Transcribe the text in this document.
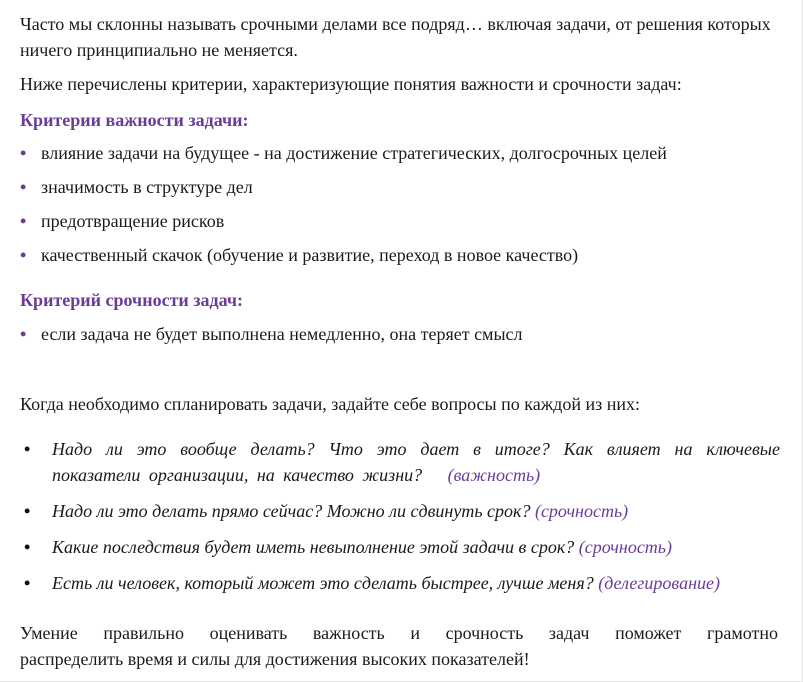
Часто мы склонны называть срочными делами все подряд… включая задачи, от решения которых ничего принципиально не меняется.

Ниже перечислены критерии, характеризующие понятия важности и срочности задач:

Критерии важности задачи:

• влияние задачи на будущее - на достижение стратегических, долгосрочных целей
• значимость в структуре дел
• предотвращение рисков
• качественный скачок (обучение и развитие, переход в новое качество)

Критерий срочности задач:

• если задача не будет выполнена немедленно, она теряет смысл

Когда необходимо спланировать задачи, задайте себе вопросы по каждой из них:

• Надо ли это вообще делать? Что это дает в итоге? Как влияет на ключевые показатели организации, на качество жизни? (важность)
• Надо ли это делать прямо сейчас? Можно ли сдвинуть срок? (срочность)
• Какие последствия будет иметь невыполнение этой задачи в срок? (срочность)
• Есть ли человек, который может это сделать быстрее, лучше меня? (делегирование)

Умение правильно оценивать важность и срочность задач поможет грамотно
распределить время и силы для достижения высоких показателей!
